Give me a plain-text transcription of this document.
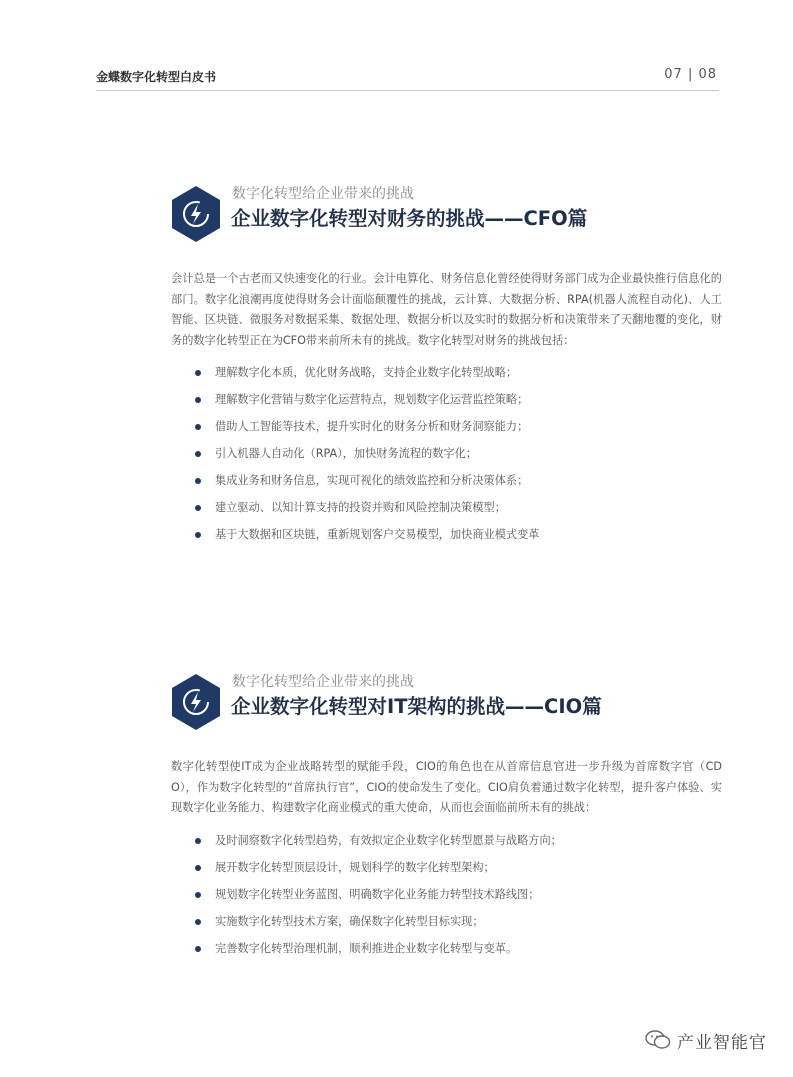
金蝶数字化转型白皮书	07 | 08
数字化转型给企业带来的挑战
企业数字化转型对财务的挑战——CFO篇

会计总是一个古老而又快速变化的行业。会计电算化、财务信息化曾经使得财务部门成为企业最快推行信息化的部门。数字化浪潮再度使得财务会计面临颠覆性的挑战，云计算、大数据分析、RPA(机器人流程自动化)、人工智能、区块链、微服务对数据采集、数据处理、数据分析以及实时的数据分析和决策带来了天翻地覆的变化，财务的数字化转型正在为CFO带来前所未有的挑战。数字化转型对财务的挑战包括：

理解数字化本质，优化财务战略，支持企业数字化转型战略；
理解数字化营销与数字化运营特点，规划数字化运营监控策略；
借助人工智能等技术，提升实时化的财务分析和财务洞察能力；
引入机器人自动化（RPA），加快财务流程的数字化；
集成业务和财务信息，实现可视化的绩效监控和分析决策体系；
建立驱动、以知计算支持的投资并购和风险控制决策模型；
基于大数据和区块链，重新规划客户交易模型，加快商业模式变革
数字化转型给企业带来的挑战
企业数字化转型对IT架构的挑战——CIO篇

数字化转型使IT成为企业战略转型的赋能手段，CIO的角色也在从首席信息官进一步升级为首席数字官（CDO），作为数字化转型的“首席执行官”，CIO的使命发生了变化。CIO肩负着通过数字化转型，提升客户体验、实现数字化业务能力、构建数字化商业模式的重大使命，从而也会面临前所未有的挑战：

及时洞察数字化转型趋势，有效拟定企业数字化转型愿景与战略方向；
展开数字化转型顶层设计，规划科学的数字化转型架构；
规划数字化转型业务蓝图、明确数字化业务能力转型技术路线图；
实施数字化转型技术方案，确保数字化转型目标实现；
完善数字化转型治理机制，顺利推进企业数字化转型与变革。
产业智能官
